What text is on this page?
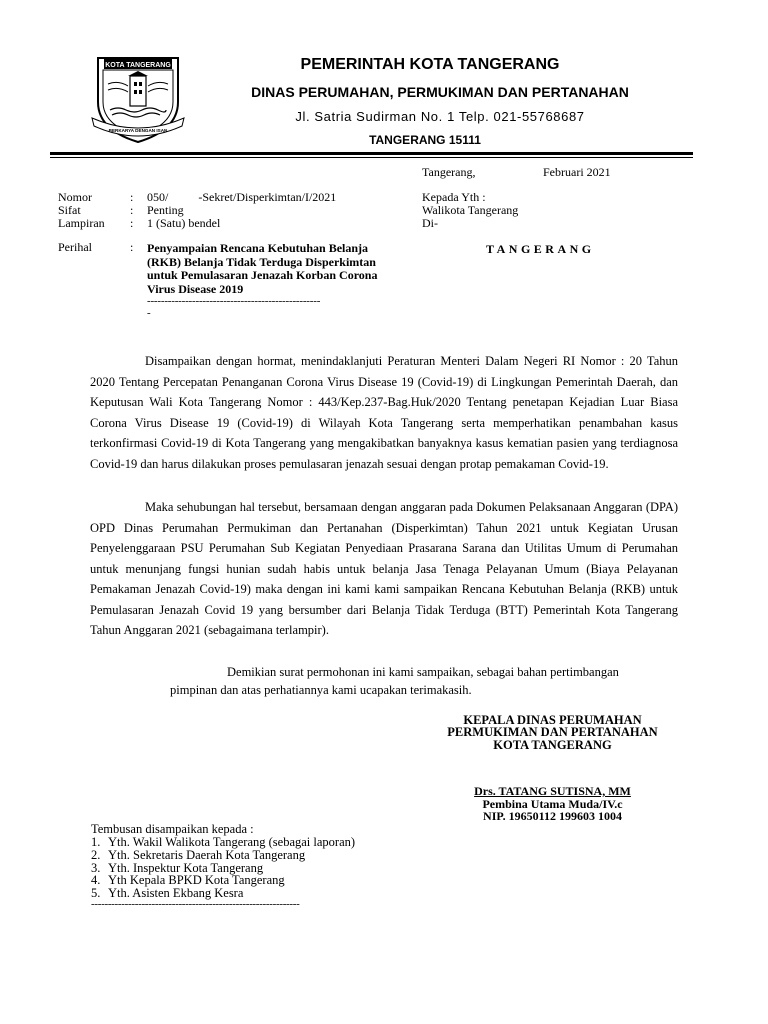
KOTA TANGERANG
BERKARYA DENGAN ISAN
PEMERINTAH KOTA TANGERANG
DINAS PERUMAHAN, PERMUKIMAN DAN PERTANAHAN
Jl. Satria Sudirman No. 1 Telp. 021-55768687
TANGERANG 15111
Tangerang,	Februari 2021
Nomor	: 050/          -Sekret/Disperkimtan/I/2021
Sifat	: Penting
Lampiran : 1 (Satu) bendel
Perihal	: Penyampaian Rencana Kebutuhan Belanja (RKB) Belanja Tidak Terduga Disperkimtan untuk Pemulasaran Jenazah Korban Corona Virus Disease 2019
--------------------------------------------------
-
Kepada Yth :
Walikota Tangerang
Di-
TANGERANG
Disampaikan dengan hormat, menindaklanjuti Peraturan Menteri Dalam Negeri RI Nomor : 20 Tahun 2020 Tentang Percepatan Penanganan Corona Virus Disease 19 (Covid-19) di Lingkungan Pemerintah Daerah, dan Keputusan Wali Kota Tangerang Nomor : 443/Kep.237-Bag.Huk/2020 Tentang penetapan Kejadian Luar Biasa Corona Virus Disease 19 (Covid-19) di Wilayah Kota Tangerang serta memperhatikan penambahan kasus terkonfirmasi Covid-19 di Kota Tangerang yang mengakibatkan banyaknya kasus kematian pasien yang terdiagnosa Covid-19 dan harus dilakukan proses pemulasaran jenazah sesuai dengan protap pemakaman Covid-19.
Maka sehubungan hal tersebut, bersamaan dengan anggaran pada Dokumen Pelaksanaan Anggaran (DPA) OPD Dinas Perumahan Permukiman dan Pertanahan (Disperkimtan) Tahun 2021 untuk Kegiatan Urusan Penyelenggaraan PSU Perumahan Sub Kegiatan Penyediaan Prasarana Sarana dan Utilitas Umum di Perumahan untuk menunjang fungsi hunian sudah habis untuk belanja Jasa Tenaga Pelayanan Umum (Biaya Pelayanan Pemakaman Jenazah Covid-19) maka dengan ini kami kami sampaikan Rencana Kebutuhan Belanja (RKB) untuk Pemulasaran Jenazah Covid 19 yang bersumber dari Belanja Tidak Terduga (BTT) Pemerintah Kota Tangerang Tahun Anggaran 2021 (sebagaimana terlampir).
Demikian surat permohonan ini kami sampaikan, sebagai bahan pertimbangan
pimpinan dan atas perhatiannya kami ucapakan terimakasih.
KEPALA DINAS PERUMAHAN
PERMUKIMAN DAN PERTANAHAN
KOTA TANGERANG
Drs. TATANG SUTISNA, MM
Pembina Utama Muda/IV.c
NIP. 19650112 199603 1004
Tembusan disampaikan kepada :
1. Yth. Wakil Walikota Tangerang (sebagai laporan)
2. Yth. Sekretaris Daerah Kota Tangerang
3. Yth. Inspektur Kota Tangerang
4. Yth Kepala BPKD Kota Tangerang
5. Yth. Asisten Ekbang Kesra
--------------------------------------------------------------
